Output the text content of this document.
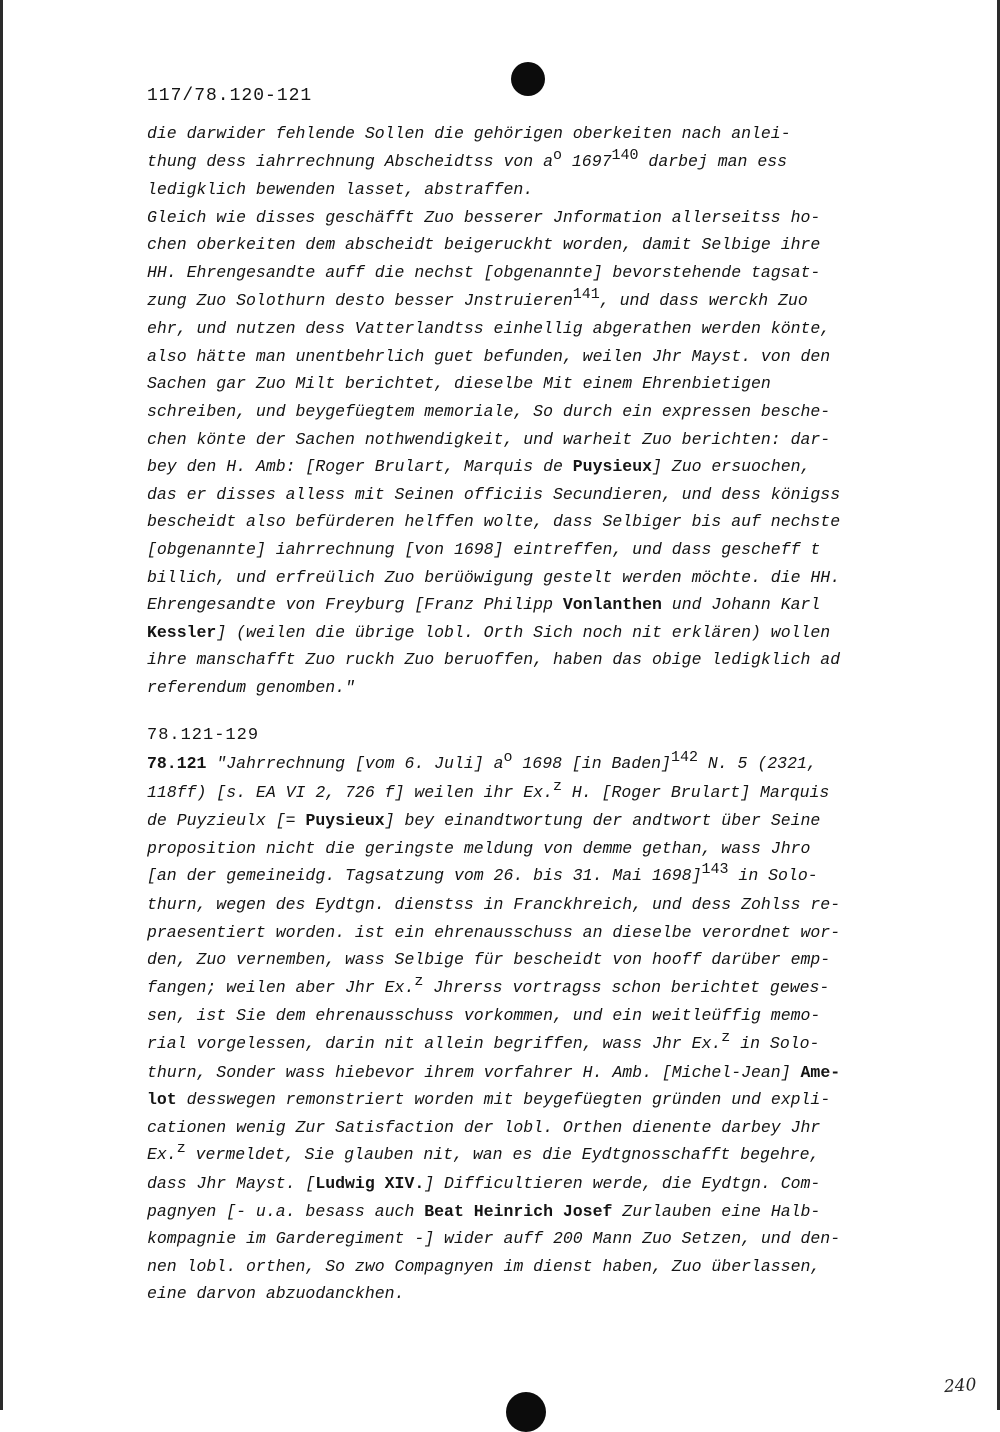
117/78.120-121
die darwider fehlende Sollen die gehörigen oberkeiten nach anlei-
thung dess iahrrechnung Abscheidtss von ao 1697140 darbej man ess
ledigklich bewenden lasset, abstraffen.
Gleich wie disses geschäfft Zuo besserer Jnformation allerseitss ho-
chen oberkeiten dem abscheidt beigeruckht worden, damit Selbige ihre
HH. Ehrengesandte auff die nechst [obgenannte] bevorstehende tagsat-
zung Zuo Solothurn desto besser Jnstruieren141, und dass werckh Zuo
ehr, und nutzen dess Vatterlandtss einhellig abgerathen werden könte,
also hätte man unentbehrlich guet befunden, weilen Jhr Mayst. von den
Sachen gar Zuo Milt berichtet, dieselbe Mit einem Ehrenbietigen
schreiben, und beygefüegtem memoriale, So durch ein expressen besche-
chen könte der Sachen nothwendigkeit, und warheit Zuo berichten: dar-
bey den H. Amb: [Roger Brulart, Marquis de Puysieux] Zuo ersuochen,
das er disses alless mit Seinen officiis Secundieren, und dess königss
bescheidt also befürderen helffen wolte, dass Selbiger bis auf nechste
[obgenannte] iahrrechnung [von 1698] eintreffen, und dass gescheff t
billich, und erfreülich Zuo berüöwigung gestelt werden möchte. die HH.
Ehrengesandte von Freyburg [Franz Philipp Vonlanthen und Johann Karl
Kessler] (weilen die übrige lobl. Orth Sich noch nit erklären) wollen
ihre manschafft Zuo ruckh Zuo beruoffen, haben das obige ledigklich ad
referendum genomben."
78.121-129
78.121 "Jahrrechnung [vom 6. Juli] ao 1698 [in Baden]142 N. 5 (2321,
118ff) [s. EA VI 2, 726 f] weilen ihr Ex.z H. [Roger Brulart] Marquis
de Puyzieulx [= Puysieux] bey einandtwortung der andtwort über Seine
proposition nicht die geringste meldung von demme gethan, wass Jhro
[an der gemeineidg. Tagsatzung vom 26. bis 31. Mai 1698]143 in Solo-
thurn, wegen des Eydtgn. dienstss in Franckhreich, und dess Zohlss re-
praesentiert worden. ist ein ehrenausschuss an dieselbe verordnet wor-
den, Zuo vernemben, wass Selbige für bescheidt von hooff darüber emp-
fangen; weilen aber Jhr Ex.z Jhrerss vortragss schon berichtet gewes-
sen, ist Sie dem ehrenausschuss vorkommen, und ein weitleüffig memo-
rial vorgelessen, darin nit allein begriffen, wass Jhr Ex.z in Solo-
thurn, Sonder wass hiebevor ihrem vorfahrer H. Amb. [Michel-Jean] Ame-
lot desswegen remonstriert worden mit beygefüegten gründen und expli-
cationen wenig Zur Satisfaction der lobl. Orthen dienente darbey Jhr
Ex.z vermeldet, Sie glauben nit, wan es die Eydtgnosschafft begehre,
dass Jhr Mayst. [Ludwig XIV.] Difficultieren werde, die Eydtgn. Com-
pagnyen [- u.a. besass auch Beat Heinrich Josef Zurlauben eine Halb-
kompagnie im Garderegiment -] wider auff 200 Mann Zuo Setzen, und den-
nen lobl. orthen, So zwo Compagnyen im dienst haben, Zuo überlassen,
eine darvon abzuodanckhen.
240
